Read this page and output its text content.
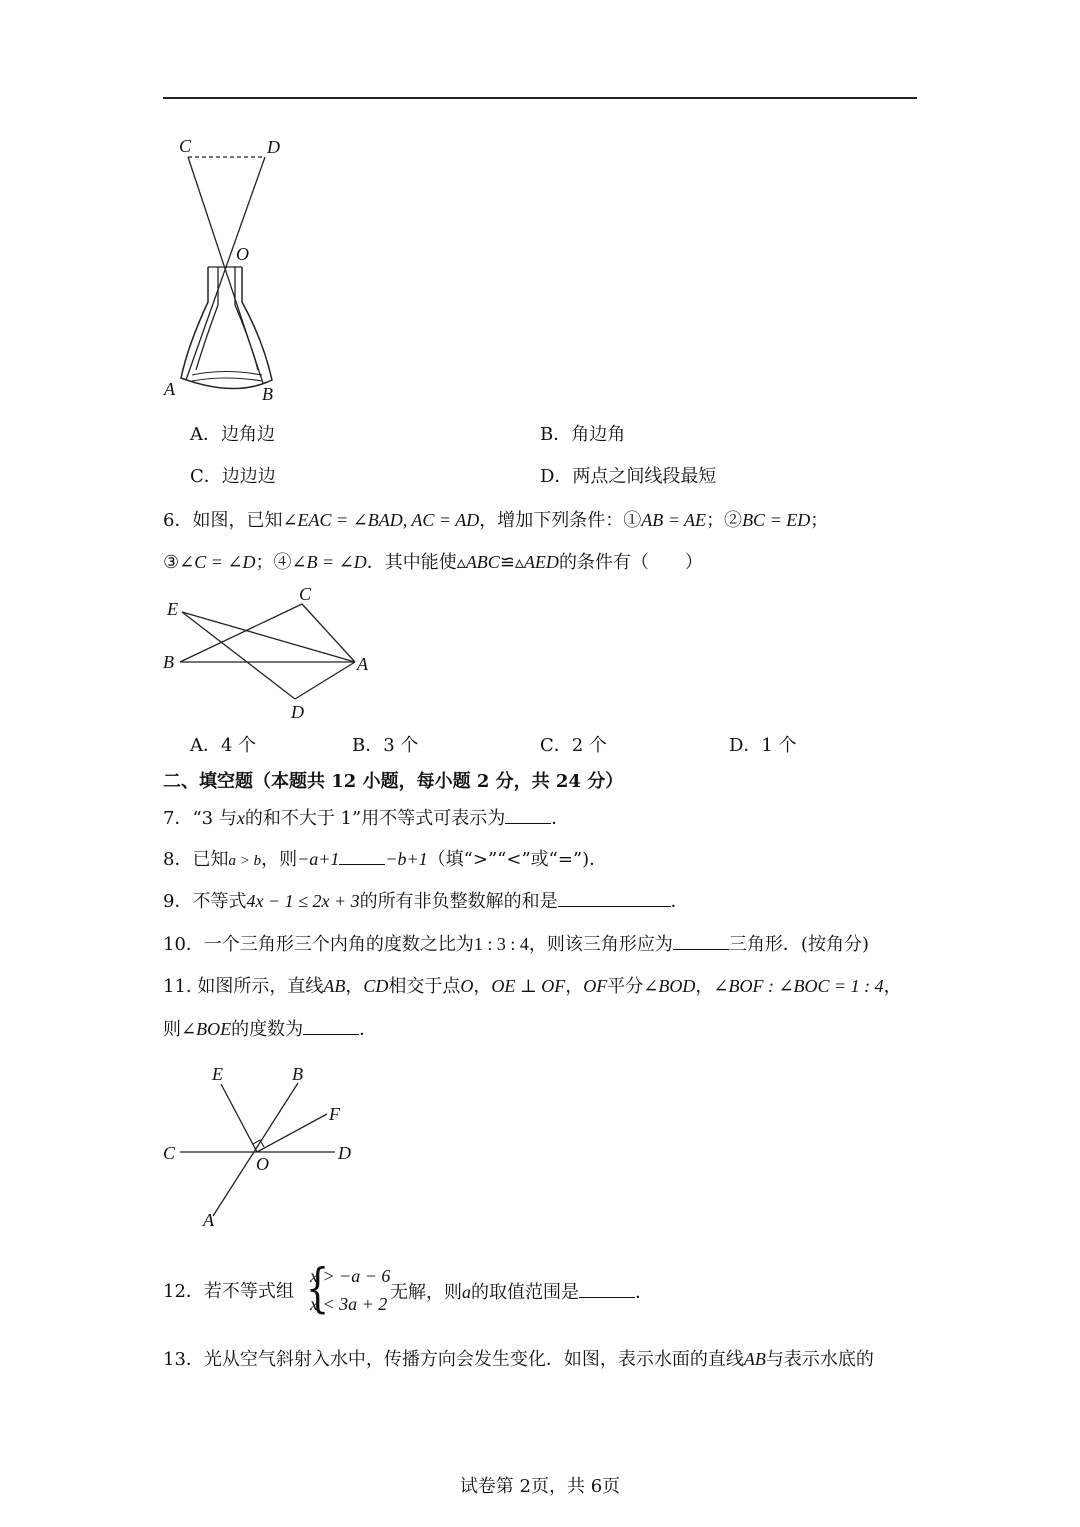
C	D
O
A	B
A．边角边	B．角边角
C．边边边	D．两点之间线段最短
6．如图，已知∠EAC = ∠BAD, AC = AD，增加下列条件：①AB = AE；②BC = ED；
③∠C = ∠D；④∠B = ∠D．其中能使▵ABC≌▵AED的条件有（　　）
E
C
B	A
D
A．4 个	B．3 个	C．2 个	D．1 个
二、填空题（本题共 12 小题，每小题 2 分，共 24 分）
7．“3 与x的和不大于 1”用不等式可表示为	．
8．已知a > b，则−a+1	−b+1（填“>”“<”或“=”)．
9．不等式4x − 1 ≤ 2x + 3的所有非负整数解的和是	．
10．一个三角形三个内角的度数之比为1 : 3 : 4，则该三角形应为	三角形．(按角分)
11. 如图所示，直线AB，CD相交于点O，OE ⊥ OF，OF平分∠BOD，∠BOF : ∠BOC = 1 : 4，
则∠BOE的度数为	．
E	B
F
C
O
D
A
12．若不等式组 {
x > −a − 6
x < 3a + 2
无解，则a的取值范围是	．
13．光从空气斜射入水中，传播方向会发生变化．如图，表示水面的直线AB与表示水底的
试卷第 2页，共 6页
